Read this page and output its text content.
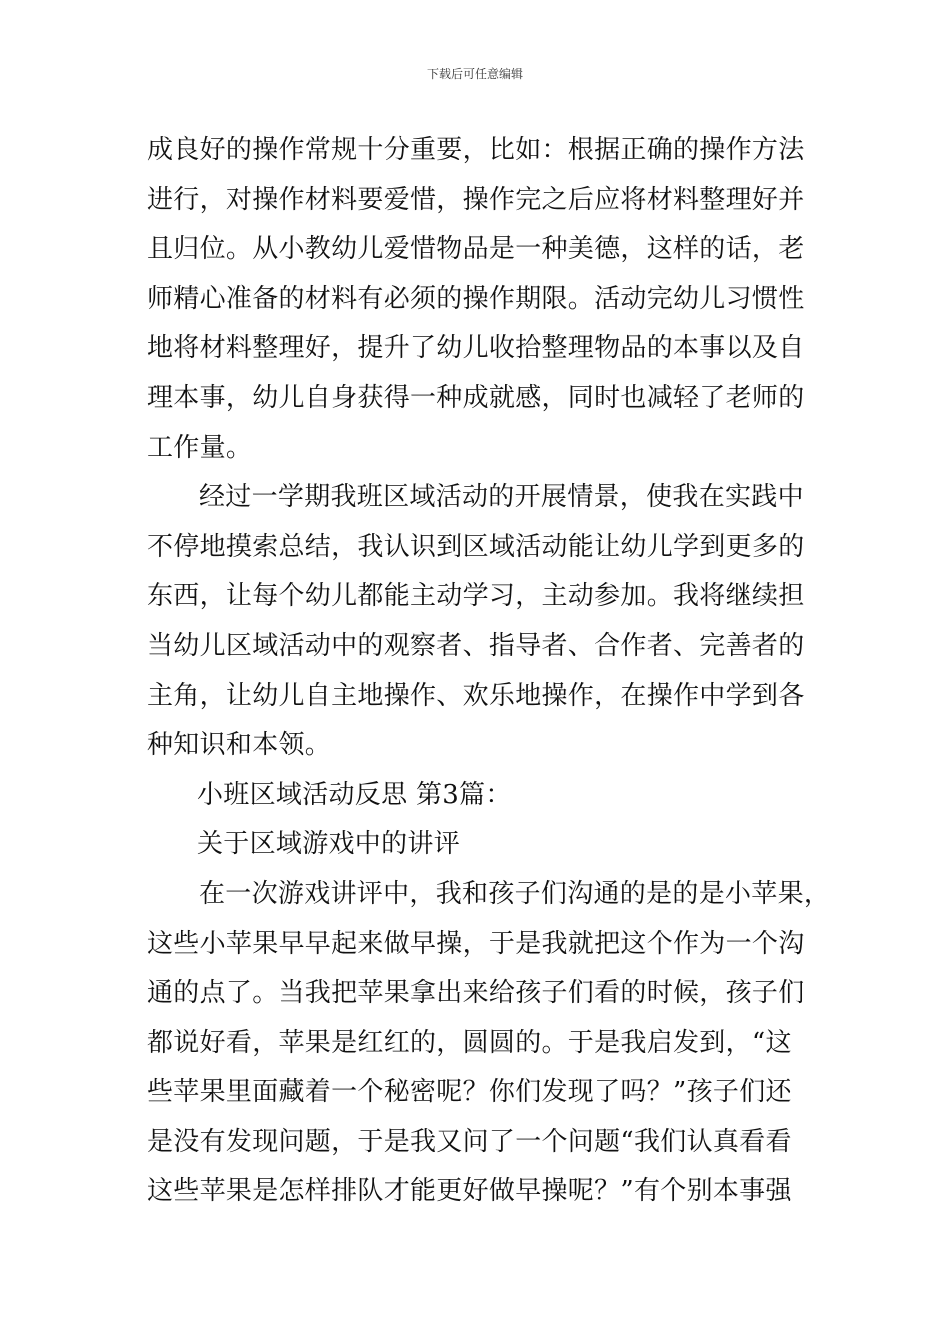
下载后可任意编辑
成良好的操作常规十分重要，比如：根据正确的操作方法
进行，对操作材料要爱惜，操作完之后应将材料整理好并
且归位。从小教幼儿爱惜物品是一种美德，这样的话，老
师精心准备的材料有必须的操作期限。活动完幼儿习惯性
地将材料整理好，提升了幼儿收拾整理物品的本事以及自
理本事，幼儿自身获得一种成就感，同时也减轻了老师的
工作量。
经过一学期我班区域活动的开展情景，使我在实践中
不停地摸索总结，我认识到区域活动能让幼儿学到更多的
东西，让每个幼儿都能主动学习，主动参加。我将继续担
当幼儿区域活动中的观察者、指导者、合作者、完善者的
主角，让幼儿自主地操作、欢乐地操作，在操作中学到各
种知识和本领。
小班区域活动反思 第3篇：
关于区域游戏中的讲评
在一次游戏讲评中，我和孩子们沟通的是的是小苹果，
这些小苹果早早起来做早操，于是我就把这个作为一个沟
通的点了。当我把苹果拿出来给孩子们看的时候，孩子们
都说好看，苹果是红红的，圆圆的。于是我启发到，“这
些苹果里面藏着一个秘密呢？你们发现了吗？”孩子们还
是没有发现问题，于是我又问了一个问题“我们认真看看
这些苹果是怎样排队才能更好做早操呢？”有个别本事强
